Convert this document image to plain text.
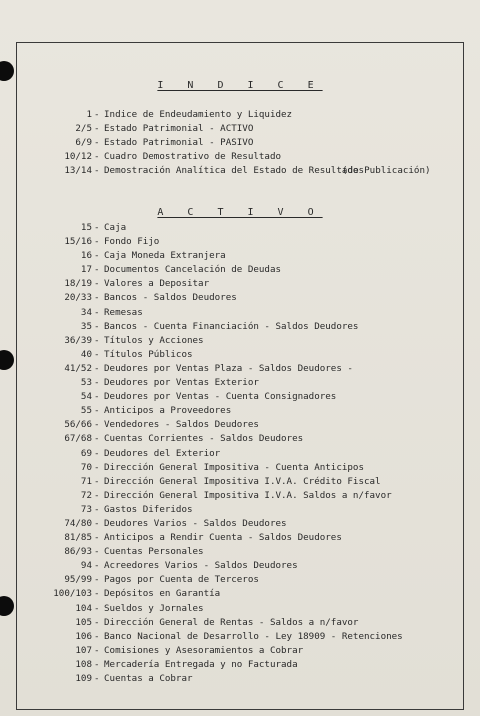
I N D I C E
1 - Indice de Endeudamiento y Liquidez
2/5 - Estado Patrimonial - ACTIVO
6/9 - Estado Patrimonial - PASIVO
10/12 - Cuadro Demostrativo de Resultado
13/14 - Demostración Analítica del Estado de Resultados
(de Publicación)
A C T I V O
15 - Caja
15/16 - Fondo Fijo
16 - Caja Moneda Extranjera
17 - Documentos Cancelación de Deudas
18/19 - Valores a Depositar
20/33 - Bancos - Saldos Deudores
34 - Remesas
35 - Bancos - Cuenta Financiación - Saldos Deudores
36/39 - Títulos y Acciones
40 - Títulos Públicos
41/52 - Deudores por Ventas Plaza - Saldos Deudores -
53 - Deudores por Ventas Exterior
54 - Deudores por Ventas - Cuenta Consignadores
55 - Anticipos a Proveedores
56/66 - Vendedores - Saldos Deudores
67/68 - Cuentas Corrientes - Saldos Deudores
69 - Deudores del Exterior
70 - Dirección General Impositiva - Cuenta Anticipos
71 - Dirección General Impositiva I.V.A. Crédito Fiscal
72 - Dirección General Impositiva I.V.A. Saldos a n/favor
73 - Gastos Diferidos
74/80 - Deudores Varios - Saldos Deudores
81/85 - Anticipos a Rendir Cuenta - Saldos Deudores
86/93 - Cuentas Personales
94 - Acreedores Varios - Saldos Deudores
95/99 - Pagos por Cuenta de Terceros
100/103 - Depósitos en Garantía
104 - Sueldos y Jornales
105 - Dirección General de Rentas - Saldos a n/favor
106 - Banco Nacional de Desarrollo - Ley 18909 - Retenciones
107 - Comisiones y Asesoramientos a Cobrar
108 - Mercadería Entregada y no Facturada
109 - Cuentas a Cobrar
